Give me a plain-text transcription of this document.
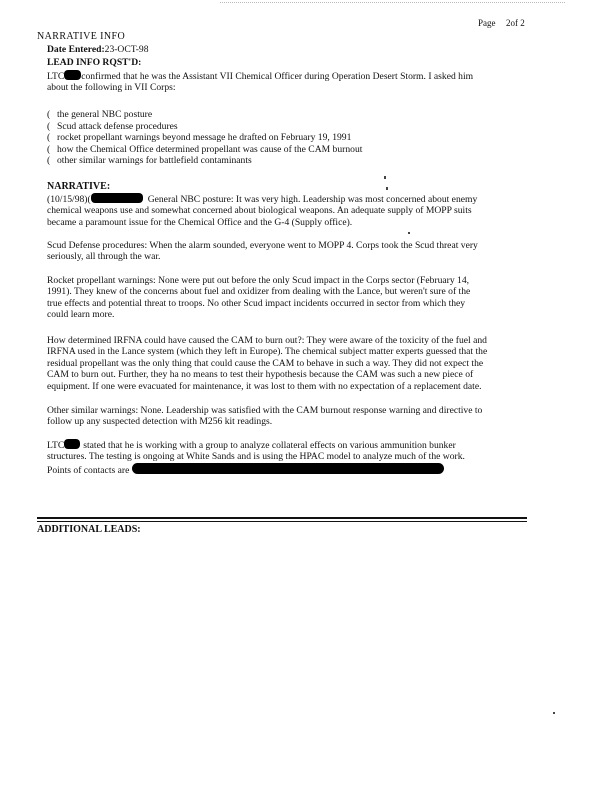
Page 2of 2
NARRATIVE INFO
Date Entered:23-OCT-98
LEAD INFO RQST'D:
LTC confirmed that he was the Assistant VII Chemical Officer during Operation Desert Storm. I asked him
about the following in VII Corps:
( the general NBC posture
( Scud attack defense procedures
( rocket propellant warnings beyond message he drafted on February 19, 1991
( how the Chemical Office determined propellant was cause of the CAM burnout
( other similar warnings for battlefield contaminants
NARRATIVE:
(10/15/98)(	General NBC posture: It was very high. Leadership was most concerned about enemy
chemical weapons use and somewhat concerned about biological weapons. An adequate supply of MOPP suits
became a paramount issue for the Chemical Office and the G-4 (Supply office).
Scud Defense procedures: When the alarm sounded, everyone went to MOPP 4. Corps took the Scud threat very
seriously, all through the war.
Rocket propellant warnings: None were put out before the only Scud impact in the Corps sector (February 14,
1991). They knew of the concerns about fuel and oxidizer from dealing with the Lance, but weren't sure of the
true effects and potential threat to troops. No other Scud impact incidents occurred in sector from which they
could learn more.
How determined IRFNA could have caused the CAM to burn out?: They were aware of the toxicity of the fuel and
IRFNA used in the Lance system (which they left in Europe). The chemical subject matter experts guessed that the
residual propellant was the only thing that could cause the CAM to behave in such a way. They did not expect the
CAM to burn out. Further, they ha no means to test their hypothesis because the CAM was such a new piece of
equipment. If one were evacuated for maintenance, it was lost to them with no expectation of a replacement date.
Other similar warnings: None. Leadership was satisfied with the CAM burnout response warning and directive to
follow up any suspected detection with M256 kit readings.
LTC stated that he is working with a group to analyze collateral effects on various ammunition bunker
structures. The testing is ongoing at White Sands and is using the HPAC model to analyze much of the work.
Points of contacts are
ADDITIONAL LEADS:
